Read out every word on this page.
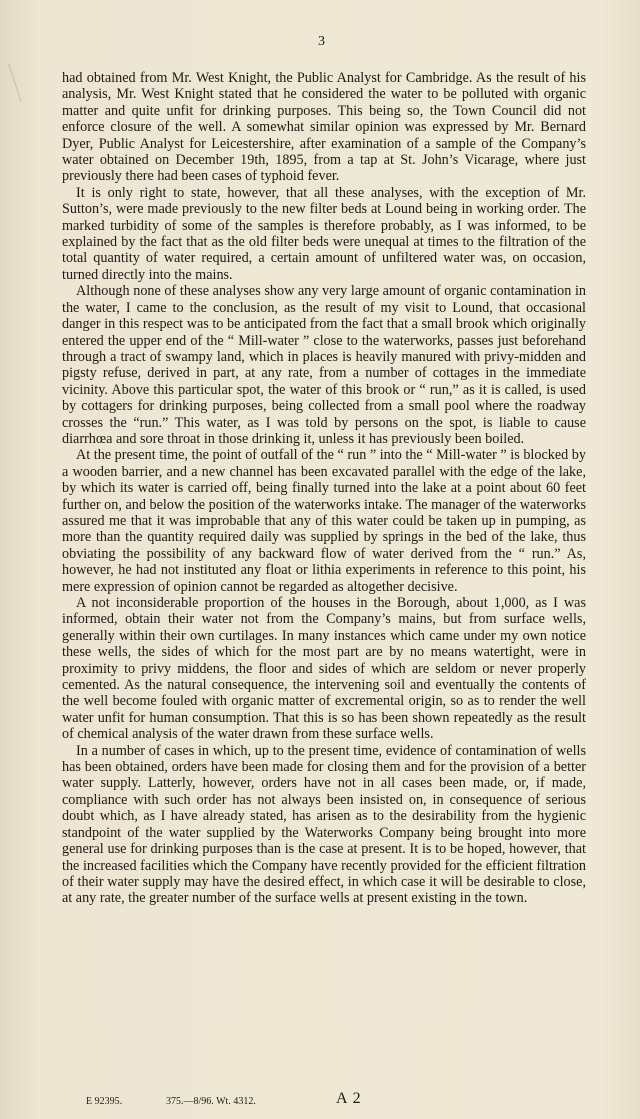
3

had obtained from Mr. West Knight, the Public Analyst for Cambridge. As the result of his analysis, Mr. West Knight stated that he considered the water to be polluted with organic matter and quite unfit for drinking purposes. This being so, the Town Council did not enforce closure of the well. A somewhat similar opinion was expressed by Mr. Bernard Dyer, Public Analyst for Leicestershire, after examination of a sample of the Company’s water obtained on December 19th, 1895, from a tap at St. John’s Vicarage, where just previously there had been cases of typhoid fever.

It is only right to state, however, that all these analyses, with the exception of Mr. Sutton’s, were made previously to the new filter beds at Lound being in working order. The marked turbidity of some of the samples is therefore probably, as I was informed, to be explained by the fact that as the old filter beds were unequal at times to the filtration of the total quantity of water required, a certain amount of unfiltered water was, on occasion, turned directly into the mains.

Although none of these analyses show any very large amount of organic contamination in the water, I came to the conclusion, as the result of my visit to Lound, that occasional danger in this respect was to be anticipated from the fact that a small brook which originally entered the upper end of the “ Mill-water ” close to the waterworks, passes just beforehand through a tract of swampy land, which in places is heavily manured with privy-midden and pigsty refuse, derived in part, at any rate, from a number of cottages in the immediate vicinity. Above this particular spot, the water of this brook or “ run,” as it is called, is used by cottagers for drinking purposes, being collected from a small pool where the roadway crosses the “run.” This water, as I was told by persons on the spot, is liable to cause diarrhœa and sore throat in those drinking it, unless it has previously been boiled.

At the present time, the point of outfall of the “ run ” into the “ Mill-water ” is blocked by a wooden barrier, and a new channel has been excavated parallel with the edge of the lake, by which its water is carried off, being finally turned into the lake at a point about 60 feet further on, and below the position of the waterworks intake. The manager of the waterworks assured me that it was improbable that any of this water could be taken up in pumping, as more than the quantity required daily was supplied by springs in the bed of the lake, thus obviating the possibility of any backward flow of water derived from the “ run.” As, however, he had not instituted any float or lithia experiments in reference to this point, his mere expression of opinion cannot be regarded as altogether decisive.

A not inconsiderable proportion of the houses in the Borough, about 1,000, as I was informed, obtain their water not from the Company’s mains, but from surface wells, generally within their own curtilages. In many instances which came under my own notice these wells, the sides of which for the most part are by no means watertight, were in proximity to privy middens, the floor and sides of which are seldom or never properly cemented. As the natural consequence, the intervening soil and eventually the contents of the well become fouled with organic matter of excremental origin, so as to render the well water unfit for human consumption. That this is so has been shown repeatedly as the result of chemical analysis of the water drawn from these surface wells.

In a number of cases in which, up to the present time, evidence of contamination of wells has been obtained, orders have been made for closing them and for the provision of a better water supply. Latterly, however, orders have not in all cases been made, or, if made, compliance with such order has not always been insisted on, in consequence of serious doubt which, as I have already stated, has arisen as to the desirability from the hygienic standpoint of the water supplied by the Waterworks Company being brought into more general use for drinking purposes than is the case at present. It is to be hoped, however, that the increased facilities which the Company have recently provided for the efficient filtration of their water supply may have the desired effect, in which case it will be desirable to close, at any rate, the greater number of the surface wells at present existing in the town.

E 92395.	375.—8/96. Wt. 4312.	A 2
